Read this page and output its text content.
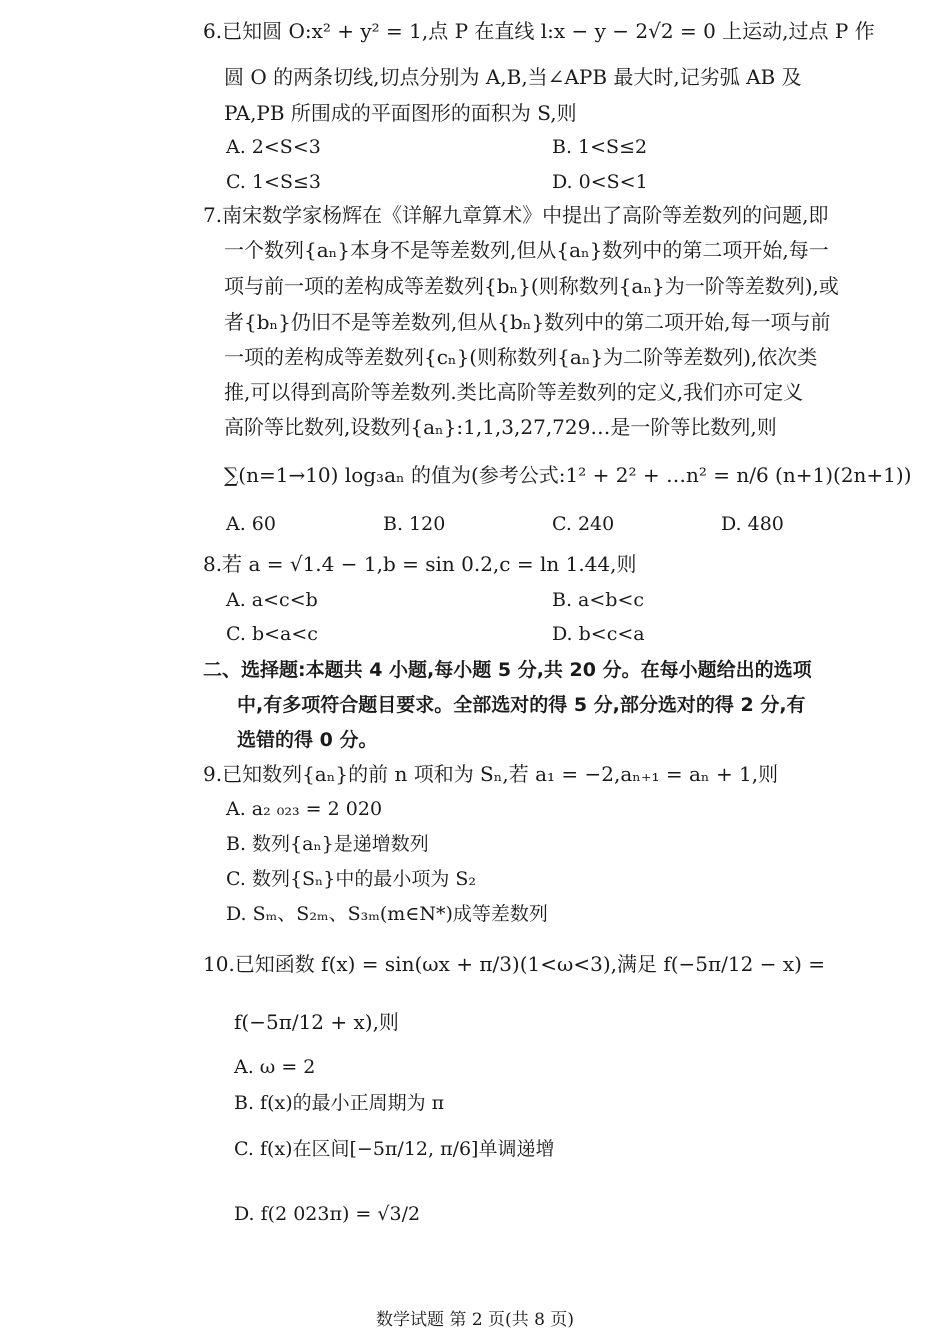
6.已知圆 O:x² + y² = 1,点 P 在直线 l:x − y − 2√2 = 0 上运动,过点 P 作
圆 O 的两条切线,切点分别为 A,B,当∠APB 最大时,记劣弧 AB 及
PA,PB 所围成的平面图形的面积为 S,则
A. 2<S<3	B. 1<S≤2
C. 1<S≤3	D. 0<S<1
7.南宋数学家杨辉在《详解九章算术》中提出了高阶等差数列的问题,即
一个数列{aₙ}本身不是等差数列,但从{aₙ}数列中的第二项开始,每一
项与前一项的差构成等差数列{bₙ}(则称数列{aₙ}为一阶等差数列),或
者{bₙ}仍旧不是等差数列,但从{bₙ}数列中的第二项开始,每一项与前
一项的差构成等差数列{cₙ}(则称数列{aₙ}为二阶等差数列),依次类
推,可以得到高阶等差数列.类比高阶等差数列的定义,我们亦可定义
高阶等比数列,设数列{aₙ}:1,1,3,27,729…是一阶等比数列,则
∑(n=1→10) log₃aₙ 的值为(参考公式:1² + 2² + …n² = n/6 (n+1)(2n+1))
A. 60	B. 120	C. 240	D. 480
8.若 a = √1.4 − 1,b = sin 0.2,c = ln 1.44,则
A. a<c<b	B. a<b<c
C. b<a<c	D. b<c<a
二、选择题:本题共 4 小题,每小题 5 分,共 20 分。在每小题给出的选项
中,有多项符合题目要求。全部选对的得 5 分,部分选对的得 2 分,有
选错的得 0 分。
9.已知数列{aₙ}的前 n 项和为 Sₙ,若 a₁ = −2,aₙ₊₁ = aₙ + 1,则
A. a₂ ₀₂₃ = 2 020
B. 数列{aₙ}是递增数列
C. 数列{Sₙ}中的最小项为 S₂
D. Sₘ、S₂ₘ、S₃ₘ(m∈N*)成等差数列
10.已知函数 f(x) = sin(ωx + π/3)(1<ω<3),满足 f(−5π/12 − x) =
f(−5π/12 + x),则
A. ω = 2
B. f(x)的最小正周期为 π
C. f(x)在区间[−5π/12, π/6]单调递增
D. f(2 023π) = √3/2
数学试题 第 2 页(共 8 页)
